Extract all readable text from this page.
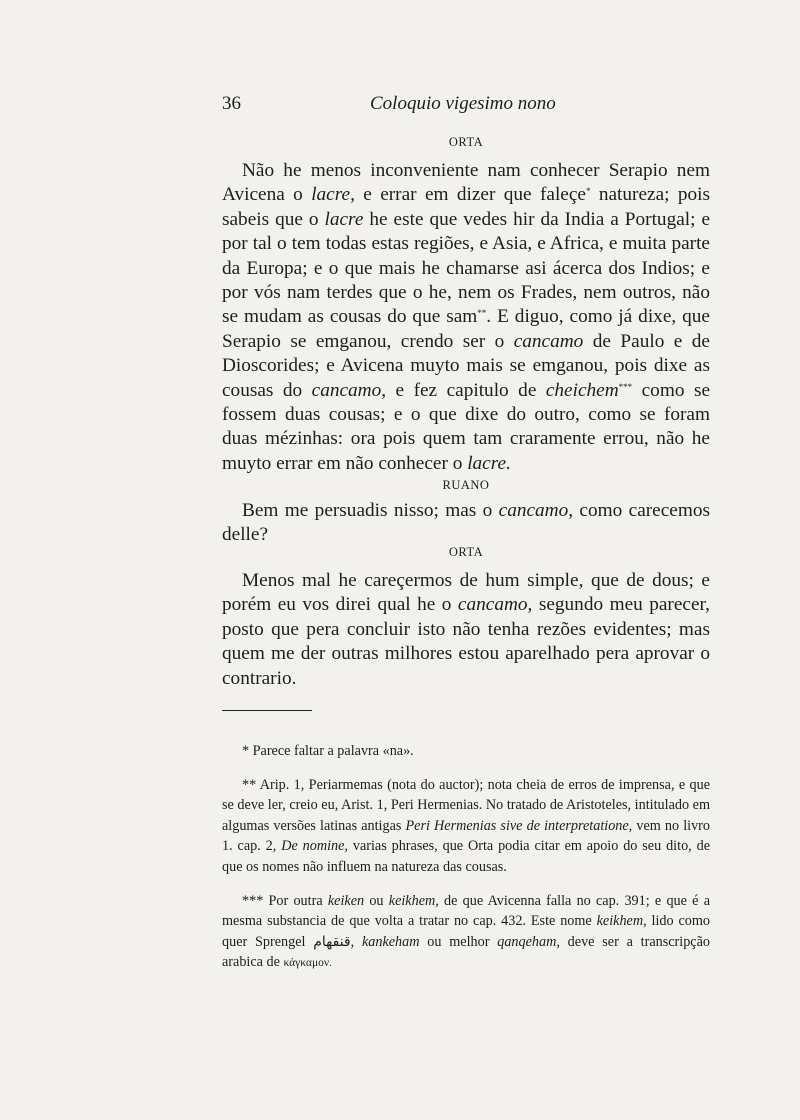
36	Coloquio vigesimo nono
ORTA

Não he menos inconveniente nam conhecer Serapio nem Avicena o lacre, e errar em dizer que faleçe* natureza; pois sabeis que o lacre he este que vedes hir da India a Portugal; e por tal o tem todas estas regiões, e Asia, e Africa, e muita parte da Europa; e o que mais he chamarse asi ácerca dos Indios; e por vós nam terdes que o he, nem os Frades, nem outros, não se mudam as cousas do que sam**. E diguo, como já dixe, que Serapio se emganou, crendo ser o cancamo de Paulo e de Dioscorides; e Avicena muyto mais se emganou, pois dixe as cousas do cancamo, e fez capitulo de cheichem*** como se fossem duas cousas; e o que dixe do outro, como se foram duas mézinhas: ora pois quem tam craramente errou, não he muyto errar em não conhecer o lacre.

RUANO

Bem me persuadis nisso; mas o cancamo, como carecemos delle?

ORTA

Menos mal he careçermos de hum simple, que de dous; e porém eu vos direi qual he o cancamo, segundo meu parecer, posto que pera concluir isto não tenha rezões evidentes; mas quem me der outras milhores estou aparelhado pera aprovar o contrario.

* Parece faltar a palavra «na».

** Arip. 1, Periarmemas (nota do auctor); nota cheia de erros de imprensa, e que se deve ler, creio eu, Arist. 1, Peri Hermenias. No tratado de Aristoteles, intitulado em algumas versões latinas antigas Peri Hermenias sive de interpretatione, vem no livro 1. cap. 2, De nomine, varias phrases, que Orta podia citar em apoio do seu dito, de que os nomes não influem na natureza das cousas.

*** Por outra keiken ou keikhem, de que Avicenna falla no cap. 391; e que é a mesma substancia de que volta a tratar no cap. 432. Este nome keikhem, lido como quer Sprengel قنقهام, kankeham ou melhor qanqeham, deve ser a transcripção arabica de κάγκαμον.
